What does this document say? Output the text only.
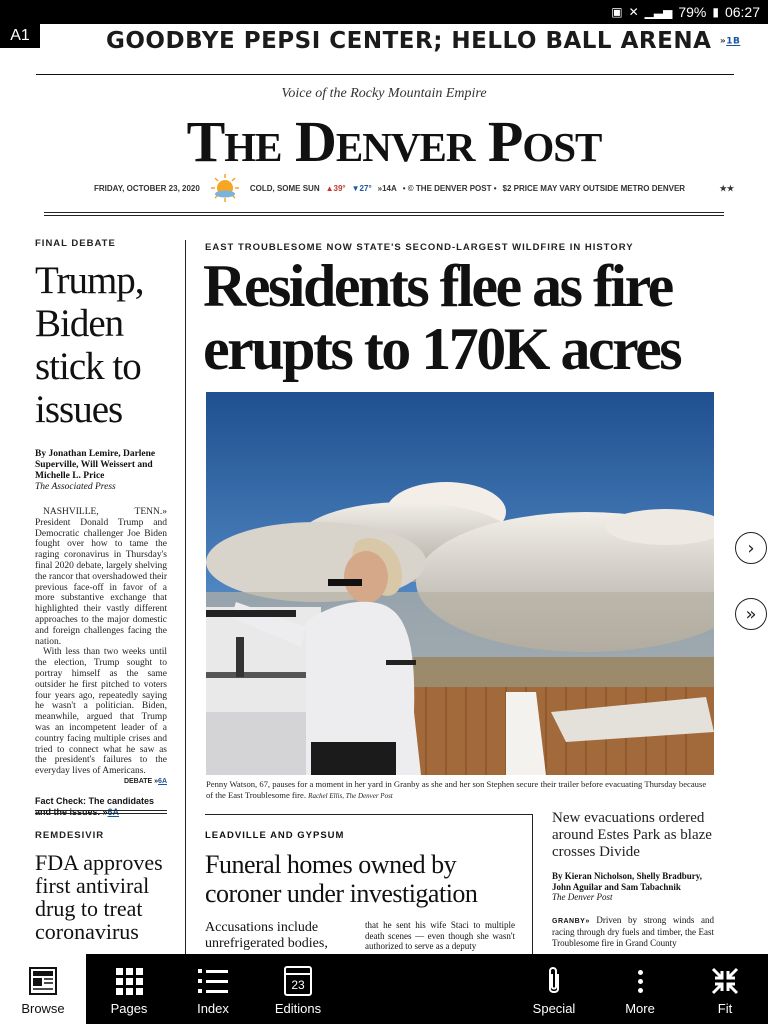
▣ ✕ ▁▃▅ 79% ▮ 06:27
A1	GOODBYE PEPSI CENTER; HELLO BALL ARENA »1B
Voice of the Rocky Mountain Empire
The Denver Post
FRIDAY, OCTOBER 23, 2020	COLD, SOME SUN ▲39° ▼27° »14A • © THE DENVER POST • $2 PRICE MAY VARY OUTSIDE METRO DENVER	★★
FINAL DEBATE
Trump, Biden stick to issues
By Jonathan Lemire, Darlene Superville, Will Weissert and Michelle L. Price
The Associated Press

NASHVILLE, TENN.» President Donald Trump and Democratic challenger Joe Biden fought over how to tame the raging coronavirus in Thursday's final 2020 debate, largely shelving the rancor that overshadowed their previous face-off in favor of a more substantive exchange that highlighted their vastly different approaches to the major domestic and foreign challenges facing the nation.

With less than two weeks until the election, Trump sought to portray himself as the same outsider he first pitched to voters four years ago, repeatedly saying he wasn't a politician. Biden, meanwhile, argued that Trump was an incompetent leader of a country facing multiple crises and tried to connect what he saw as the president's failures to the everyday lives of Americans.

DEBATE »6A
Fact Check: The candidates and the issues. »6A
REMDESIVIR
FDA approves first antiviral drug to treat coronavirus
EAST TROUBLESOME NOW STATE'S SECOND-LARGEST WILDFIRE IN HISTORY
Residents flee as fire erupts to 170K acres
Penny Watson, 67, pauses for a moment in her yard in Granby as she and her son Stephen secure their trailer before evacuating Thursday because of the East Troublesome fire. Rachel Ellis, The Denver Post
LEADVILLE AND GYPSUM
Funeral homes owned by coroner under investigation
Accusations include unrefrigerated bodies,
that he sent his wife Staci to multiple death scenes — even though she wasn't authorized to serve as a deputy
New evacuations ordered around Estes Park as blaze crosses Divide
By Kieran Nicholson, Shelly Bradbury, John Aguilar and Sam Tabachnik
The Denver Post
GRANBY» Driven by strong winds and racing through dry fuels and timber, the East Troublesome fire in Grand County
›
»
Browse	Pages	Index
23
Editions	Special	More	Fit
